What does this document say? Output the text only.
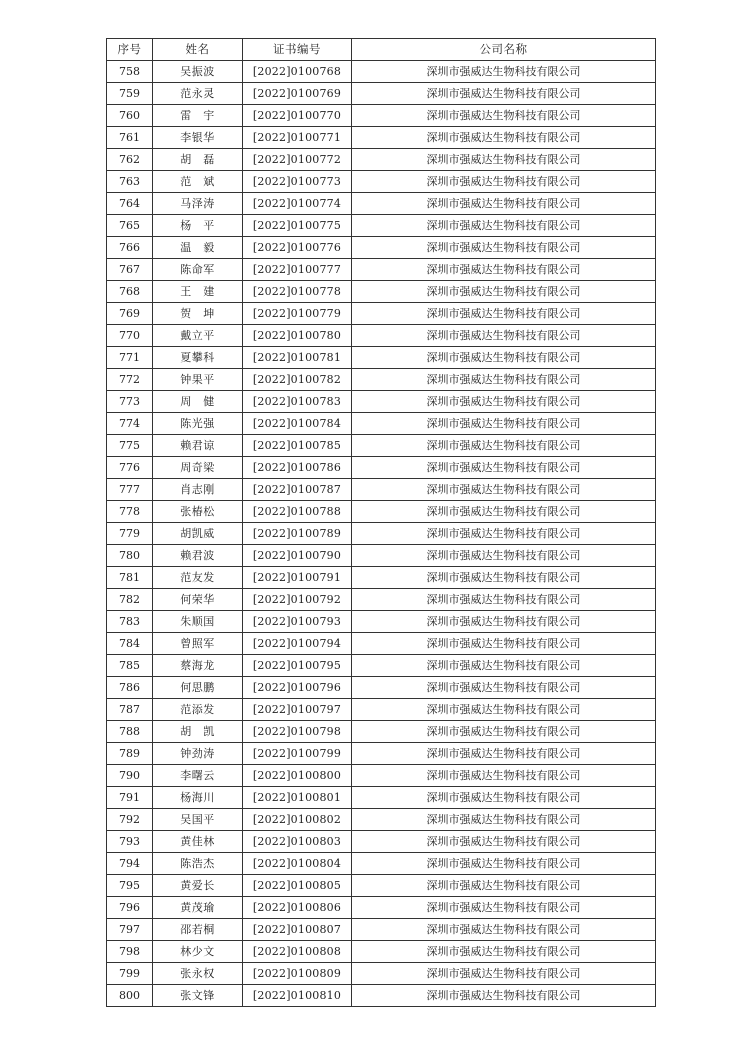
序号	姓名	证书编号	公司名称
758	吴振波	[2022]0100768	深圳市强威达生物科技有限公司
759	范永灵	[2022]0100769	深圳市强威达生物科技有限公司
760	雷　宇	[2022]0100770	深圳市强威达生物科技有限公司
761	李银华	[2022]0100771	深圳市强威达生物科技有限公司
762	胡　磊	[2022]0100772	深圳市强威达生物科技有限公司
763	范　斌	[2022]0100773	深圳市强威达生物科技有限公司
764	马泽涛	[2022]0100774	深圳市强威达生物科技有限公司
765	杨　平	[2022]0100775	深圳市强威达生物科技有限公司
766	温　毅	[2022]0100776	深圳市强威达生物科技有限公司
767	陈命军	[2022]0100777	深圳市强威达生物科技有限公司
768	王　建	[2022]0100778	深圳市强威达生物科技有限公司
769	贺　坤	[2022]0100779	深圳市强威达生物科技有限公司
770	戴立平	[2022]0100780	深圳市强威达生物科技有限公司
771	夏攀科	[2022]0100781	深圳市强威达生物科技有限公司
772	钟果平	[2022]0100782	深圳市强威达生物科技有限公司
773	周　健	[2022]0100783	深圳市强威达生物科技有限公司
774	陈光强	[2022]0100784	深圳市强威达生物科技有限公司
775	赖君谅	[2022]0100785	深圳市强威达生物科技有限公司
776	周奇梁	[2022]0100786	深圳市强威达生物科技有限公司
777	肖志刚	[2022]0100787	深圳市强威达生物科技有限公司
778	张椿松	[2022]0100788	深圳市强威达生物科技有限公司
779	胡凯威	[2022]0100789	深圳市强威达生物科技有限公司
780	赖君波	[2022]0100790	深圳市强威达生物科技有限公司
781	范友发	[2022]0100791	深圳市强威达生物科技有限公司
782	何荣华	[2022]0100792	深圳市强威达生物科技有限公司
783	朱顺国	[2022]0100793	深圳市强威达生物科技有限公司
784	曾照军	[2022]0100794	深圳市强威达生物科技有限公司
785	蔡海龙	[2022]0100795	深圳市强威达生物科技有限公司
786	何思鹏	[2022]0100796	深圳市强威达生物科技有限公司
787	范添发	[2022]0100797	深圳市强威达生物科技有限公司
788	胡　凯	[2022]0100798	深圳市强威达生物科技有限公司
789	钟劲涛	[2022]0100799	深圳市强威达生物科技有限公司
790	李曙云	[2022]0100800	深圳市强威达生物科技有限公司
791	杨海川	[2022]0100801	深圳市强威达生物科技有限公司
792	吴国平	[2022]0100802	深圳市强威达生物科技有限公司
793	黄佳林	[2022]0100803	深圳市强威达生物科技有限公司
794	陈浩杰	[2022]0100804	深圳市强威达生物科技有限公司
795	黄爱长	[2022]0100805	深圳市强威达生物科技有限公司
796	黄茂瑜	[2022]0100806	深圳市强威达生物科技有限公司
797	邵若桐	[2022]0100807	深圳市强威达生物科技有限公司
798	林少文	[2022]0100808	深圳市强威达生物科技有限公司
799	张永权	[2022]0100809	深圳市强威达生物科技有限公司
800	张文锋	[2022]0100810	深圳市强威达生物科技有限公司
